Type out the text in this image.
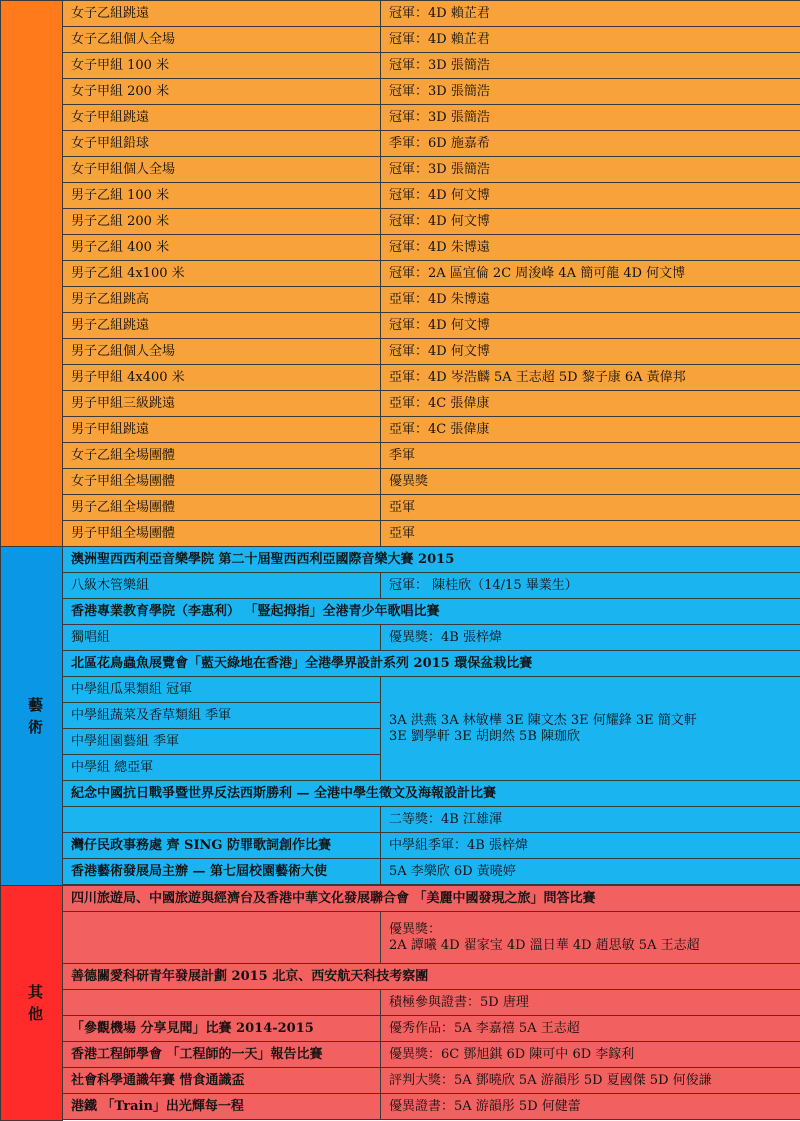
	女子乙組跳遠	冠軍：4D 賴芷君
	女子乙組個人全場	冠軍：4D 賴芷君
	女子甲組 100 米	冠軍：3D 張簡浩
	女子甲組 200 米	冠軍：3D 張簡浩
	女子甲組跳遠	冠軍：3D 張簡浩
	女子甲組鉛球	季軍：6D 施嘉希
	女子甲組個人全場	冠軍：3D 張簡浩
	男子乙組 100 米	冠軍：4D 何文博
	男子乙組 200 米	冠軍：4D 何文博
	男子乙組 400 米	冠軍：4D 朱博遠
	男子乙組 4x100 米	冠軍：2A 區宜倫 2C 周浚峰 4A 簡可龍 4D 何文博
	男子乙組跳高	亞軍：4D 朱博遠
	男子乙組跳遠	冠軍：4D 何文博
	男子乙組個人全場	冠軍：4D 何文博
	男子甲組 4x400 米	亞軍：4D 岑浩麟 5A 王志超 5D 黎子康 6A 黃偉邦
	男子甲組三級跳遠	亞軍：4C 張偉康
	男子甲組跳遠	亞軍：4C 張偉康
	女子乙組全場團體	季軍
	女子甲組全場團體	優異獎
	男子乙組全場團體	亞軍
	男子甲組全場團體	亞軍

藝
術	澳洲聖西西利亞音樂學院 第二十屆聖西西利亞國際音樂大賽 2015	
	八級木管樂組	冠軍： 陳桂欣（14/15 畢業生）
	香港專業教育學院（李惠利） 「豎起拇指」全港青少年歌唱比賽	
	獨唱組	優異獎：4B 張梓煒
	北區花鳥蟲魚展覽會「藍天綠地在香港」全港學界設計系列 2015 環保盆栽比賽	
	中學組瓜果類組 冠軍	3A 洪燕 3A 林敏樺 3E 陳文杰 3E 何耀鋒 3E 簡文軒
3E 劉學軒 3E 胡朗然 5B 陳珈欣

	中學組蔬菜及香草類組 季軍	
	中學組園藝組 季軍	
	中學組 總亞軍	
	紀念中國抗日戰爭暨世界反法西斯勝利 — 全港中學生徵文及海報設計比賽	
		二等獎：4B 江雄渾
	灣仔民政事務處 齊 SING 防罪歌詞創作比賽	中學組季軍：4B 張梓煒
	香港藝術發展局主辦 — 第七屆校園藝術大使	5A 李樂欣 6D 黃曉婷

其
他	四川旅遊局、中國旅遊與經濟台及香港中華文化發展聯合會 「美麗中國發現之旅」問答比賽	

		優異獎：
2A 譚曦 4D 翟家宝 4D 溫日華 4D 趙思敏 5A 王志超

	善德關愛科研青年發展計劃 2015 北京、西安航天科技考察團	
		積極參與證書：5D 唐理
	「參觀機場 分享見聞」比賽 2014-2015	優秀作品：5A 李嘉禧 5A 王志超
	香港工程師學會 「工程師的一天」報告比賽	優異獎：6C 鄧旭錤 6D 陳可中 6D 李鎵利
	社會科學通識年賽 惜食通識盃	評判大獎：5A 鄧曉欣 5A 游韻彤 5D 夏國傑 5D 何俊謙
	港鐵 「Train」出光輝每一程	優異證書：5A 游韻彤 5D 何健蕾
